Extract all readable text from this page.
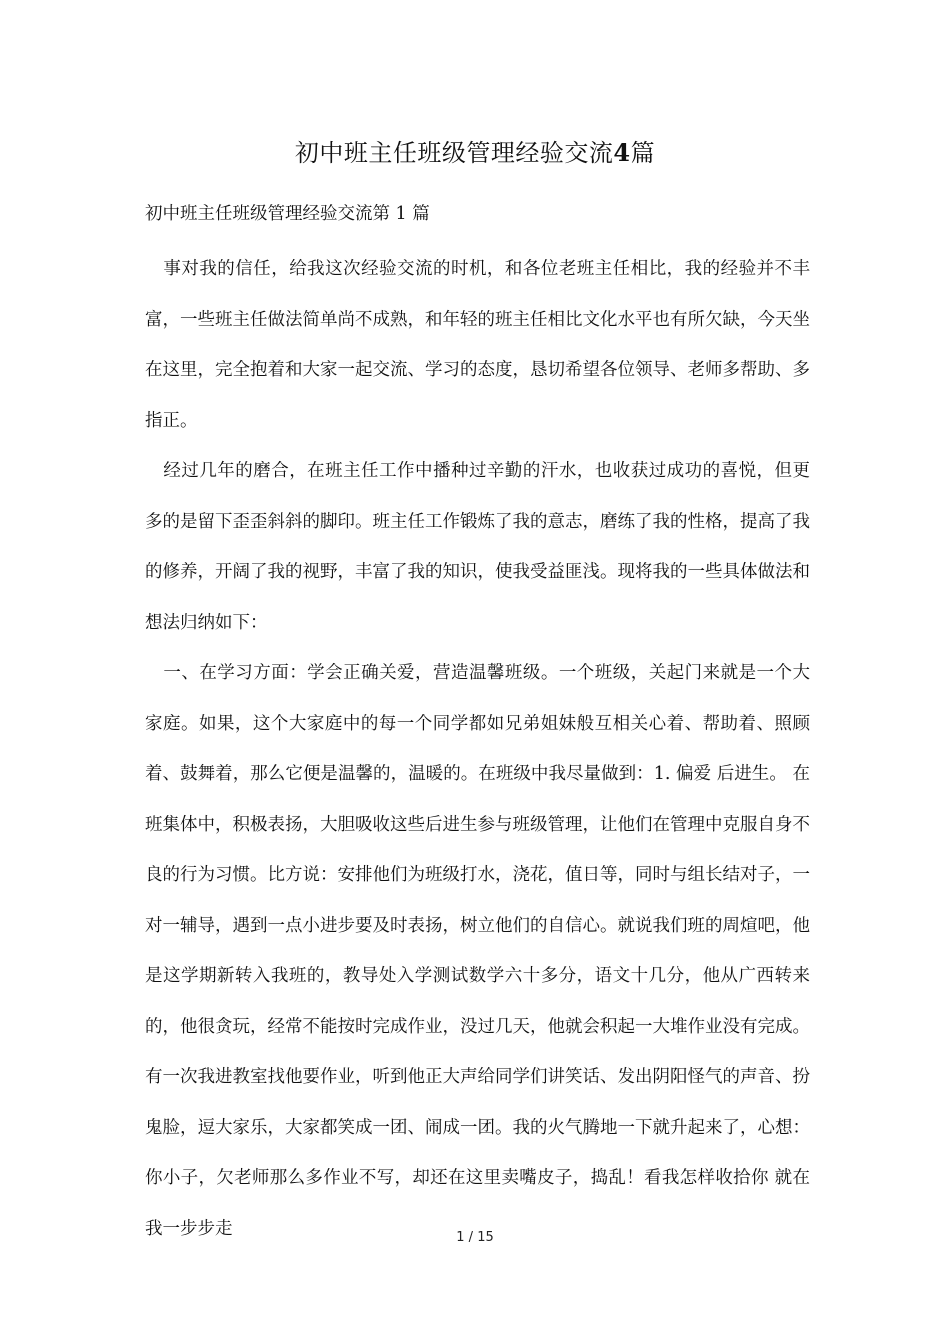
初中班主任班级管理经验交流4篇
初中班主任班级管理经验交流第 1 篇

事对我的信任，给我这次经验交流的时机，和各位老班主任相比，我的经验并不丰富，一些班主任做法简单尚不成熟，和年轻的班主任相比文化水平也有所欠缺，今天坐在这里，完全抱着和大家一起交流、学习的态度，恳切希望各位领导、老师多帮助、多指正。

经过几年的磨合，在班主任工作中播种过辛勤的汗水，也收获过成功的喜悦，但更多的是留下歪歪斜斜的脚印。班主任工作锻炼了我的意志，磨练了我的性格，提高了我的修养，开阔了我的视野，丰富了我的知识，使我受益匪浅。现将我的一些具体做法和想法归纳如下：

一、在学习方面：学会正确关爱，营造温馨班级。一个班级，关起门来就是一个大家庭。如果，这个大家庭中的每一个同学都如兄弟姐妹般互相关心着、帮助着、照顾着、鼓舞着，那么它便是温馨的，温暖的。在班级中我尽量做到：1. 偏爱 后进生。 在班集体中，积极表扬，大胆吸收这些后进生参与班级管理，让他们在管理中克服自身不良的行为习惯。比方说：安排他们为班级打水，浇花，值日等，同时与组长结对子，一对一辅导，遇到一点小进步要及时表扬，树立他们的自信心。就说我们班的周煊吧，他是这学期新转入我班的，教导处入学测试数学六十多分，语文十几分，他从广西转来的，他很贪玩，经常不能按时完成作业，没过几天，他就会积起一大堆作业没有完成。有一次我进教室找他要作业，听到他正大声给同学们讲笑话、发出阴阳怪气的声音、扮鬼脸，逗大家乐，大家都笑成一团、闹成一团。我的火气腾地一下就升起来了，心想： 你小子，欠老师那么多作业不写，却还在这里卖嘴皮子，捣乱！看我怎样收拾你 就在我一步步走	1 / 15
